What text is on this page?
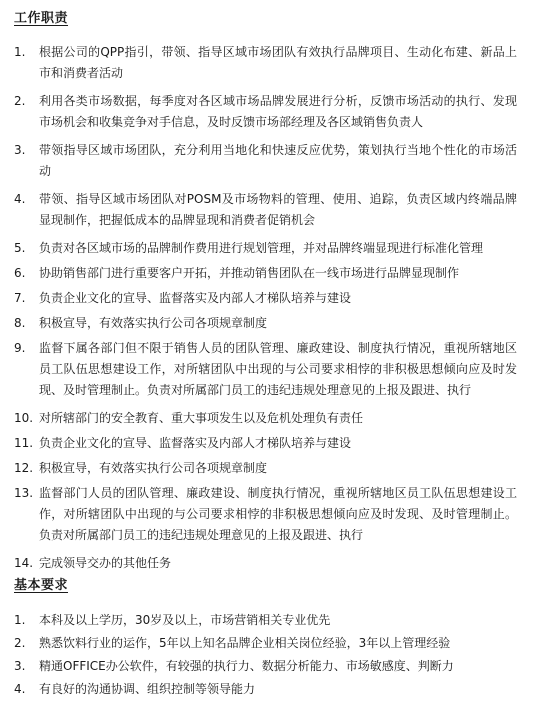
工作职责
1.	根据公司的QPP指引，带领、指导区域市场团队有效执行品牌项目、生动化布建、新品上市和消费者活动
2.	利用各类市场数据，每季度对各区域市场品牌发展进行分析，反馈市场活动的执行、发现市场机会和收集竞争对手信息，及时反馈市场部经理及各区域销售负责人
3.	带领指导区域市场团队，充分利用当地化和快速反应优势，策划执行当地个性化的市场活动
4.	带领、指导区域市场团队对POSM及市场物料的管理、使用、追踪，负责区域内终端品牌显现制作，把握低成本的品牌显现和消费者促销机会
5.	负责对各区域市场的品牌制作费用进行规划管理，并对品牌终端显现进行标准化管理
6.	协助销售部门进行重要客户开拓，并推动销售团队在一线市场进行品牌显现制作
7.	负责企业文化的宣导、监督落实及内部人才梯队培养与建设
8.	积极宣导，有效落实执行公司各项规章制度
9.	监督下属各部门但不限于销售人员的团队管理、廉政建设、制度执行情况，重视所辖地区员工队伍思想建设工作，对所辖团队中出现的与公司要求相悖的非积极思想倾向应及时发现、及时管理制止。负责对所属部门员工的违纪违规处理意见的上报及跟进、执行
10. 对所辖部门的安全教育、重大事项发生以及危机处理负有责任
11. 负责企业文化的宣导、监督落实及内部人才梯队培养与建设
12. 积极宣导，有效落实执行公司各项规章制度
13. 监督部门人员的团队管理、廉政建设、制度执行情况，重视所辖地区员工队伍思想建设工作，对所辖团队中出现的与公司要求相悖的非积极思想倾向应及时发现、及时管理制止。负责对所属部门员工的违纪违规处理意见的上报及跟进、执行
14. 完成领导交办的其他任务
基本要求
1.	本科及以上学历，30岁及以上，市场营销相关专业优先
2.	熟悉饮料行业的运作，5年以上知名品牌企业相关岗位经验，3年以上管理经验
3.	精通OFFICE办公软件，有较强的执行力、数据分析能力、市场敏感度、判断力
4.	有良好的沟通协调、组织控制等领导能力
